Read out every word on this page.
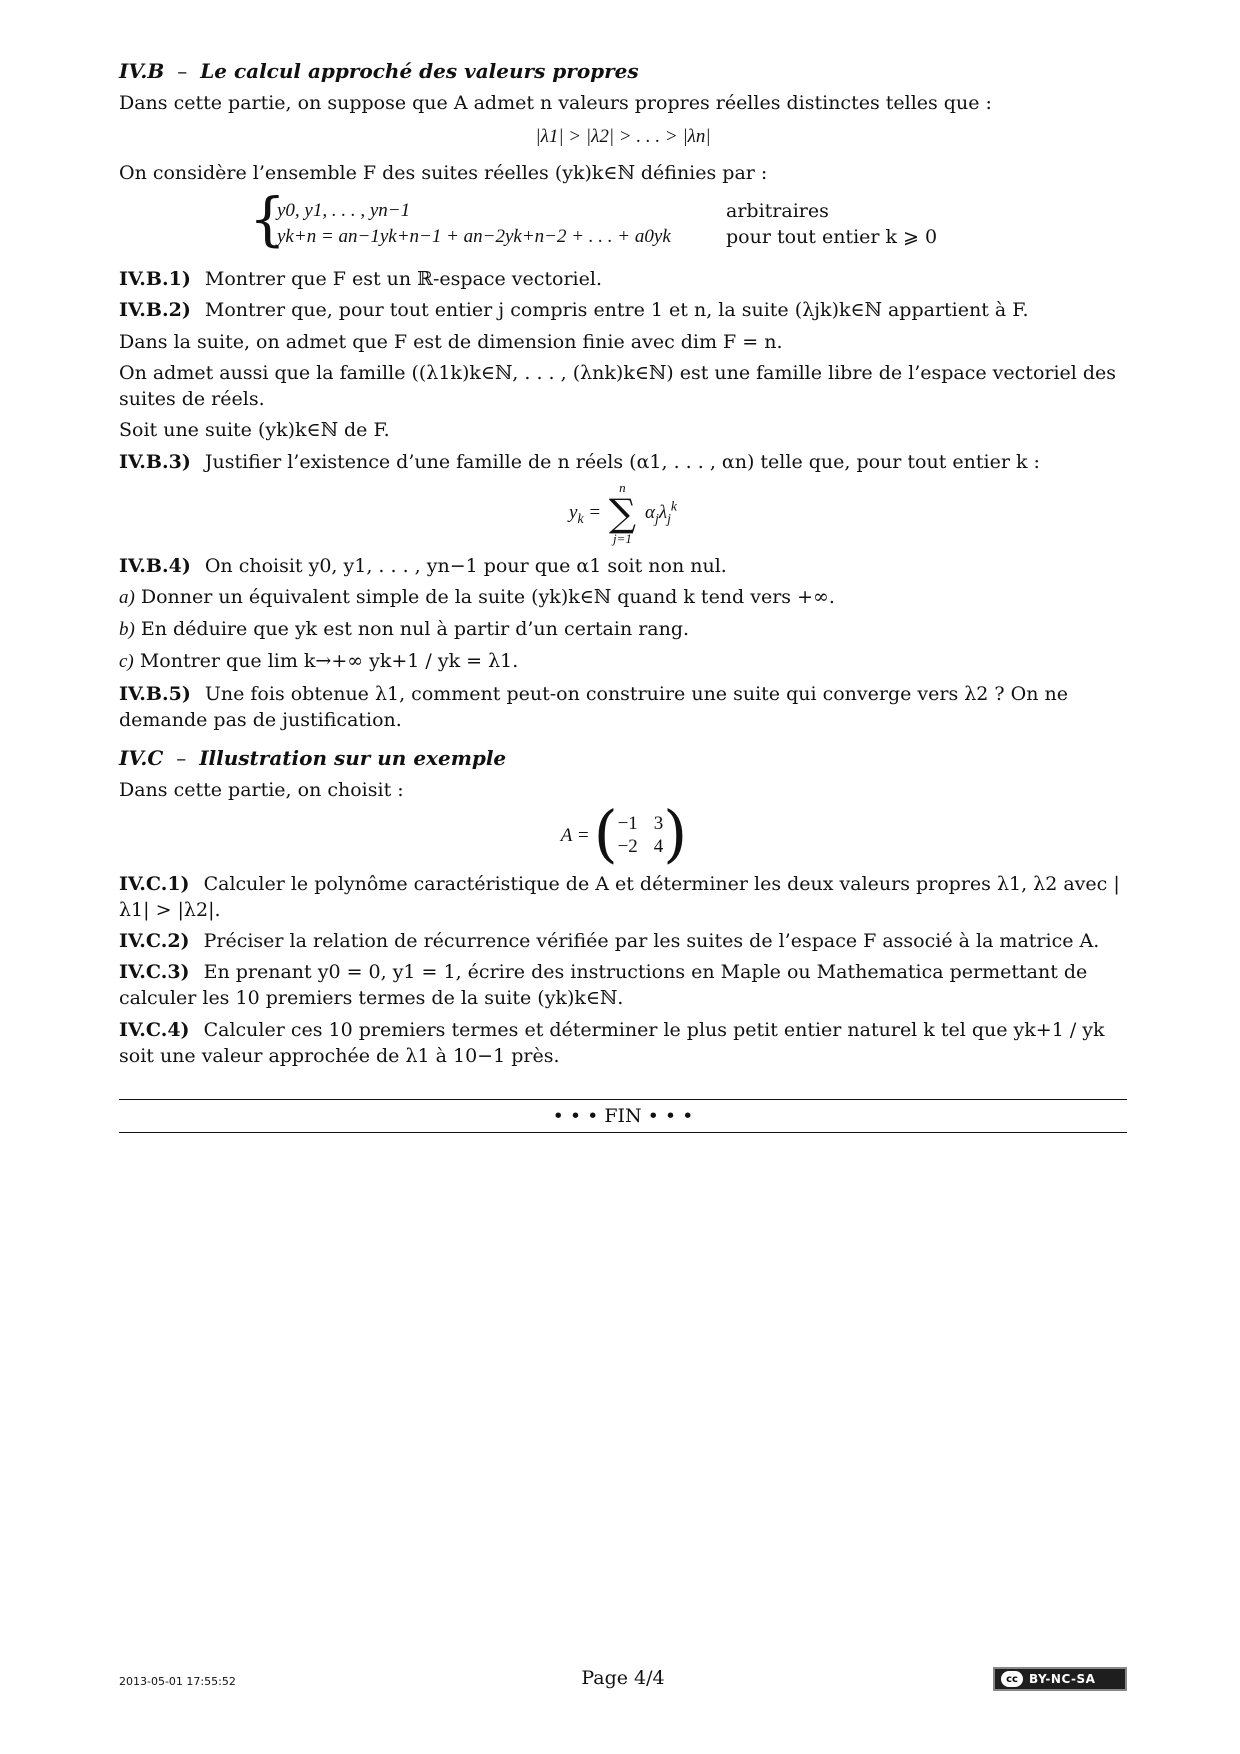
IV.B – Le calcul approché des valeurs propres

Dans cette partie, on suppose que A admet n valeurs propres réelles distinctes telles que :

|λ1| > |λ2| > . . . > |λn|

On considère l’ensemble F des suites réelles (yk)k∈ℕ définies par :

{
y0, y1, . . . , yn−1	arbitraires
yk+n = an−1yk+n−1 + an−2yk+n−2 + . . . + a0yk	pour tout entier k ⩾ 0

IV.B.1) Montrer que F est un ℝ-espace vectoriel.

IV.B.2) Montrer que, pour tout entier j compris entre 1 et n, la suite (λjk)k∈ℕ appartient à F.

Dans la suite, on admet que F est de dimension finie avec dim F = n.

On admet aussi que la famille ((λ1k)k∈ℕ, . . . , (λnk)k∈ℕ) est une famille libre de l’espace vectoriel des suites de réels.

Soit une suite (yk)k∈ℕ de F.

IV.B.3) Justifier l’existence d’une famille de n réels (α1, . . . , αn) telle que, pour tout entier k :

$y_k$ =
n
∑
j=1
$\alpha_j\lambda_j^k$

IV.B.4) On choisit y0, y1, . . . , yn−1 pour que α1 soit non nul.

a) Donner un équivalent simple de la suite (yk)k∈ℕ quand k tend vers +∞.

b) En déduire que yk est non nul à partir d’un certain rang.

c) Montrer que lim k→+∞ yk+1 / yk = λ1.

IV.B.5) Une fois obtenue λ1, comment peut-on construire une suite qui converge vers λ2 ? On ne demande pas de justification.

IV.C – Illustration sur un exemple

Dans cette partie, on choisit :

A = ( −1	3
−2	4 )

IV.C.1) Calculer le polynôme caractéristique de A et déterminer les deux valeurs propres λ1, λ2 avec |λ1| > |λ2|.

IV.C.2) Préciser la relation de récurrence vérifiée par les suites de l’espace F associé à la matrice A.

IV.C.3) En prenant y0 = 0, y1 = 1, écrire des instructions en Maple ou Mathematica permettant de calculer les 10 premiers termes de la suite (yk)k∈ℕ.

IV.C.4) Calculer ces 10 premiers termes et déterminer le plus petit entier naturel k tel que yk+1 / yk soit une valeur approchée de λ1 à 10−1 près.

• • • FIN • • •
2013-05-01 17:55:52	Page 4/4	cc BY-NC-SA
